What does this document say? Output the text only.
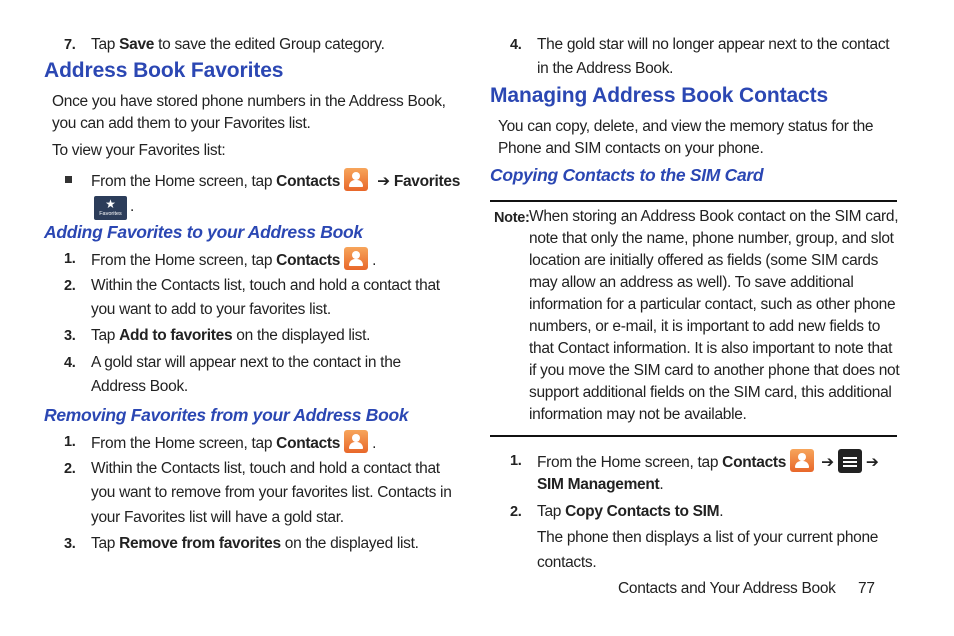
7. Tap Save to save the edited Group category.
Address Book Favorites
Once you have stored phone numbers in the Address Book,
you can add them to your Favorites list.
To view your Favorites list:
From the Home screen, tap Contacts ➔ Favorites
★
Favorites .
Adding Favorites to your Address Book
1. From the Home screen, tap Contacts .
2. Within the Contacts list, touch and hold a contact that
you want to add to your favorites list.
3. Tap Add to favorites on the displayed list.
4. A gold star will appear next to the contact in the
Address Book.
Removing Favorites from your Address Book
1. From the Home screen, tap Contacts .
2. Within the Contacts list, touch and hold a contact that
you want to remove from your favorites list. Contacts in
your Favorites list will have a gold star.
3. Tap Remove from favorites on the displayed list.
4. The gold star will no longer appear next to the contact
in the Address Book.
Managing Address Book Contacts
You can copy, delete, and view the memory status for the
Phone and SIM contacts on your phone.
Copying Contacts to the SIM Card
Note: When storing an Address Book contact on the SIM card,
note that only the name, phone number, group, and slot
location are initially offered as fields (some SIM cards
may allow an address as well). To save additional
information for a particular contact, such as other phone
numbers, or e-mail, it is important to add new fields to
that Contact information. It is also important to note that
if you move the SIM card to another phone that does not
support additional fields on the SIM card, this additional
information may not be available.
1. From the Home screen, tap Contacts ➔ ➔
SIM Management.
2. Tap Copy Contacts to SIM.
The phone then displays a list of your current phone
contacts.
Contacts and Your Address Book 77
